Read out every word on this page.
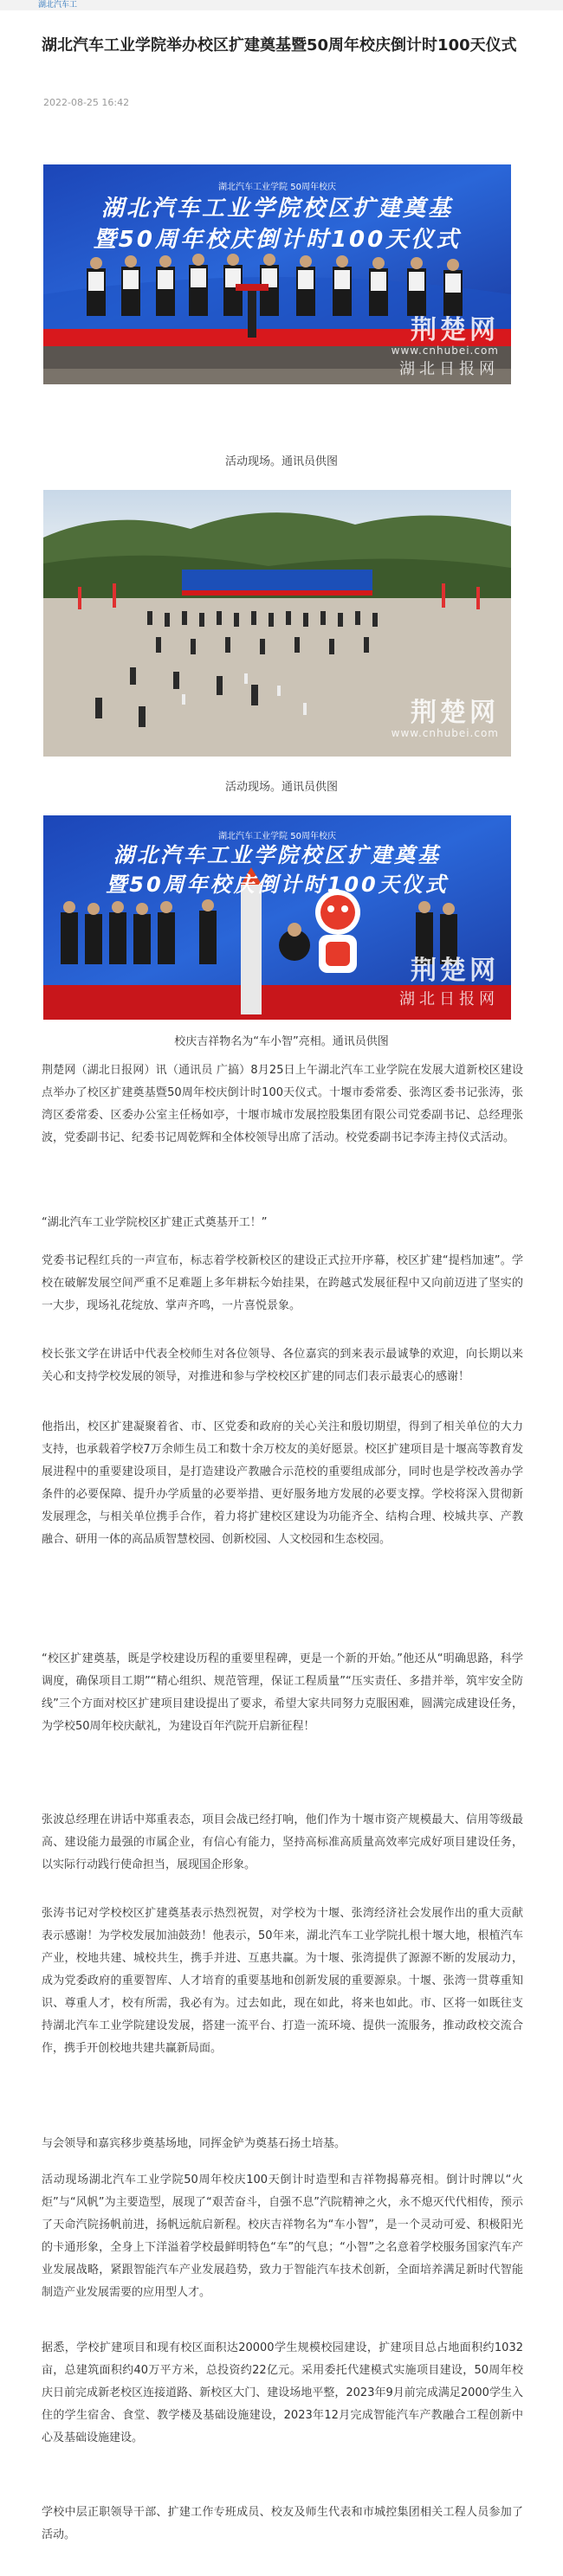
湖北汽车工
湖北汽车工业学院举办校区扩建奠基暨50周年校庆倒计时100天仪式
2022-08-25 16:42
湖北汽车工业学院 50周年校庆
湖北汽车工业学院校区扩建奠基
暨50周年校庆倒计时100天仪式
荆楚网
www.cnhubei.com
湖北日报网
活动现场。通讯员供图
荆楚网
www.cnhubei.com
活动现场。通讯员供图
湖北汽车工业学院 50周年校庆
湖北汽车工业学院校区扩建奠基
暨50周年校庆倒计时100天仪式
荆楚网
湖北日报网
校庆吉祥物名为“车小智”亮相。通讯员供图

荆楚网（湖北日报网）讯（通讯员 广搞）8月25日上午湖北汽车工业学院在发展大道新校区建设点举办了校区扩建奠基暨50周年校庆倒计时100天仪式。十堰市委常委、张湾区委书记张涛，张湾区委常委、区委办公室主任杨如亭，十堰市城市发展控股集团有限公司党委副书记、总经理张波，党委副书记、纪委书记周乾辉和全体校领导出席了活动。校党委副书记李涛主持仪式活动。

“湖北汽车工业学院校区扩建正式奠基开工！”

党委书记程红兵的一声宣布，标志着学校新校区的建设正式拉开序幕，校区扩建“提档加速”。学校在破解发展空间严重不足难题上多年耕耘今始挂果，在跨越式发展征程中又向前迈进了坚实的一大步，现场礼花绽放、掌声齐鸣，一片喜悦景象。

校长张文学在讲话中代表全校师生对各位领导、各位嘉宾的到来表示最诚挚的欢迎，向长期以来关心和支持学校发展的领导，对推进和参与学校校区扩建的同志们表示最衷心的感谢！

他指出，校区扩建凝聚着省、市、区党委和政府的关心关注和殷切期望，得到了相关单位的大力支持，也承载着学校7万余师生员工和数十余万校友的美好愿景。校区扩建项目是十堰高等教育发展进程中的重要建设项目，是打造建设产教融合示范校的重要组成部分，同时也是学校改善办学条件的必要保障、提升办学质量的必要举措、更好服务地方发展的必要支撑。学校将深入贯彻新发展理念，与相关单位携手合作，着力将扩建校区建设为功能齐全、结构合理、校城共享、产教融合、研用一体的高品质智慧校园、创新校园、人文校园和生态校园。

“校区扩建奠基，既是学校建设历程的重要里程碑，更是一个新的开始。”他还从“明确思路，科学调度，确保项目工期”“精心组织、规范管理，保证工程质量”“压实责任、多措并举，筑牢安全防线”三个方面对校区扩建项目建设提出了要求，希望大家共同努力克服困难，圆满完成建设任务，为学校50周年校庆献礼，为建设百年汽院开启新征程！

张波总经理在讲话中郑重表态，项目会战已经打响，他们作为十堰市资产规模最大、信用等级最高、建设能力最强的市属企业，有信心有能力，坚持高标准高质量高效率完成好项目建设任务，以实际行动践行使命担当，展现国企形象。

张涛书记对学校校区扩建奠基表示热烈祝贺，对学校为十堰、张湾经济社会发展作出的重大贡献表示感谢！为学校发展加油鼓劲！他表示，50年来，湖北汽车工业学院扎根十堰大地，根植汽车产业，校地共建、城校共生，携手并进、互惠共赢。为十堰、张湾提供了源源不断的发展动力，成为党委政府的重要智库、人才培育的重要基地和创新发展的重要源泉。十堰、张湾一贯尊重知识、尊重人才，校有所需，我必有为。过去如此，现在如此，将来也如此。市、区将一如既往支持湖北汽车工业学院建设发展，搭建一流平台、打造一流环境、提供一流服务，推动政校交流合作，携手开创校地共建共赢新局面。

与会领导和嘉宾移步奠基场地，同挥金铲为奠基石扬土培基。

活动现场湖北汽车工业学院50周年校庆100天倒计时造型和吉祥物揭幕亮相。倒计时牌以“火炬”与“风帆”为主要造型，展现了“艰苦奋斗，自强不息”汽院精神之火，永不熄灭代代相传，预示了天命汽院扬帆前进，扬帆远航启新程。校庆吉祥物名为“车小智”，是一个灵动可爱、积极阳光的卡通形象，全身上下洋溢着学校最鲜明特色“车”的气息；“小智”之名意着学校服务国家汽车产业发展战略，紧跟智能汽车产业发展趋势，致力于智能汽车技术创新，全面培养满足新时代智能制造产业发展需要的应用型人才。

据悉，学校扩建项目和现有校区面积达20000学生规模校园建设，扩建项目总占地面积约1032亩，总建筑面积约40万平方米，总投资约22亿元。采用委托代建模式实施项目建设，50周年校庆日前完成新老校区连接道路、新校区大门、建设场地平整，2023年9月前完成满足2000学生入住的学生宿舍、食堂、教学楼及基础设施建设，2023年12月完成智能汽车产教融合工程创新中心及基础设施建设。

学校中层正职领导干部、扩建工作专班成员、校友及师生代表和市城控集团相关工程人员参加了活动。
